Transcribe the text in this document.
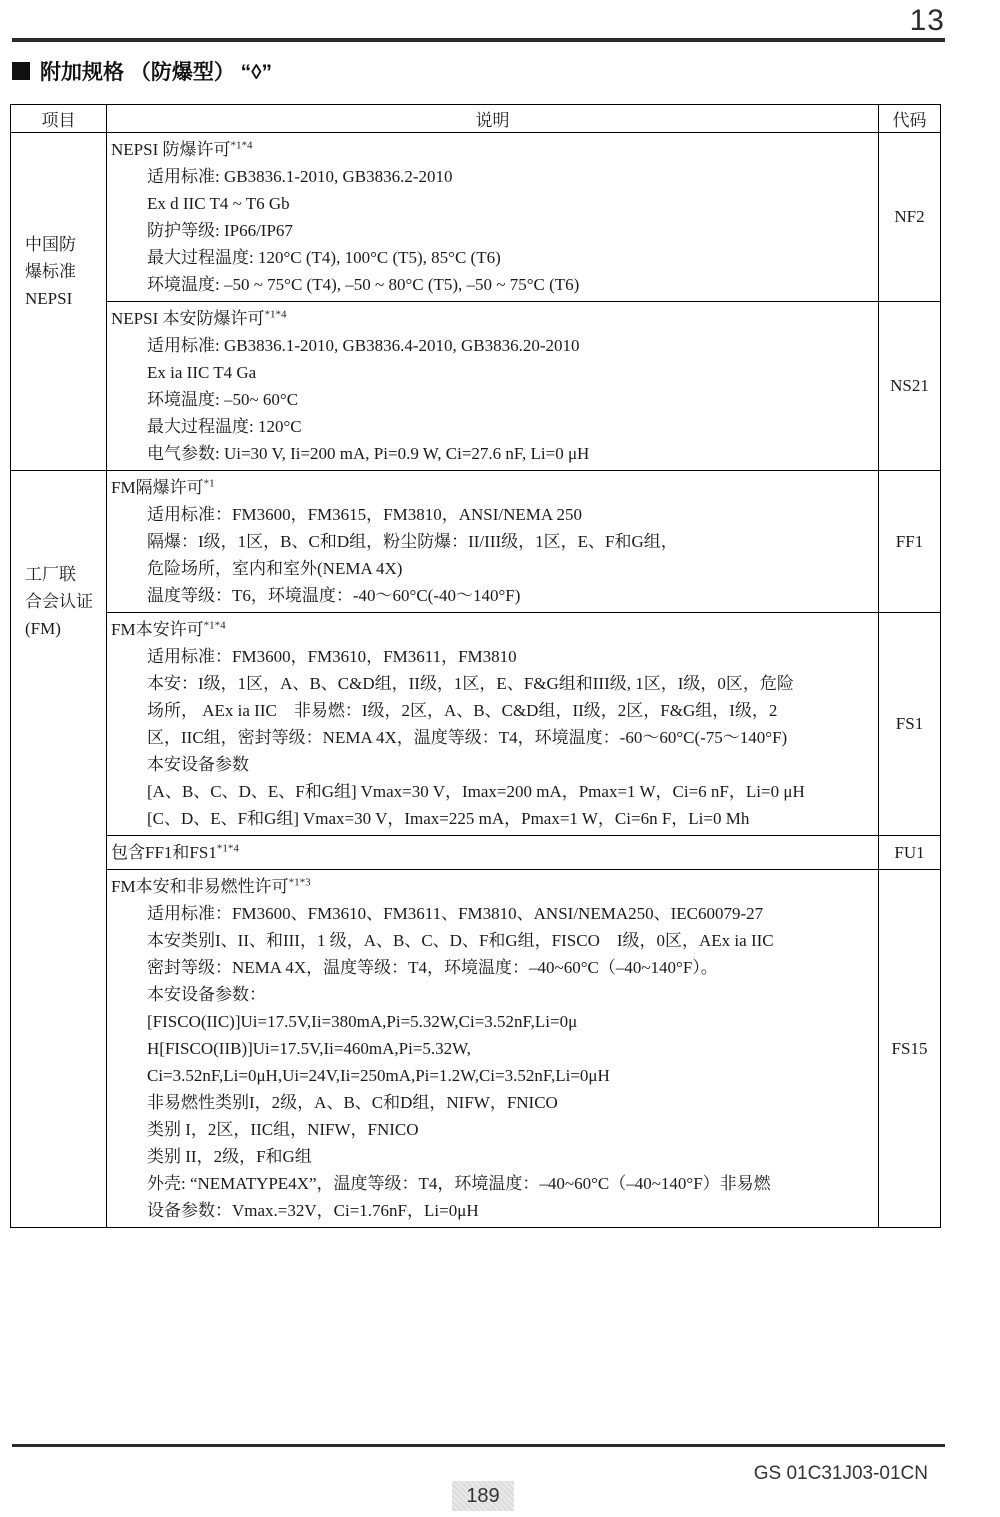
13
附加规格 （防爆型） “◊”
项目	说明	代码

中国防
爆标准
NEPSI

NEPSI 防爆许可$^{*1*4}$
适用标准: GB3836.1-2010, GB3836.2-2010
Ex d IIC T4 ~ T6 Gb
防护等级: IP66/IP67
最大过程温度: 120°C (T4), 100°C (T5), 85°C (T6)
环境温度: –50 ~ 75°C (T4), –50 ~ 80°C (T5), –50 ~ 75°C (T6)
	NF2

NEPSI 本安防爆许可$^{*1*4}$
适用标准: GB3836.1-2010, GB3836.4-2010, GB3836.20-2010
Ex ia IIC T4 Ga
环境温度: –50~ 60°C
最大过程温度: 120°C
电气参数: Ui=30 V, Ii=200 mA, Pi=0.9 W, Ci=27.6 nF, Li=0 μH
	NS21

工厂联
合会认证
(FM)

FM隔爆许可$^{*1}$
适用标准：FM3600，FM3615，FM3810，ANSI/NEMA 250
隔爆：I级，1区，B、C和D组，粉尘防爆：II/III级，1区，E、F和G组，
危险场所，室内和室外(NEMA 4X)
温度等级：T6，环境温度：-40～60°C(-40～140°F)
	FF1

FM本安许可$^{*1*4}$
适用标准：FM3600，FM3610，FM3611，FM3810
本安：I级，1区，A、B、C&D组，II级，1区，E、F&G组和III级, 1区，I级，0区，危险
场所， AEx ia IIC　非易燃：I级，2区，A、B、C&D组，II级，2区，F&G组，I级，2
区，IIC组，密封等级：NEMA 4X，温度等级：T4，环境温度：-60～60°C(-75～140°F)
本安设备参数
[A、B、C、D、E、F和G组] Vmax=30 V，Imax=200 mA，Pmax=1 W，Ci=6 nF，Li=0 μH
[C、D、E、F和G组] Vmax=30 V，Imax=225 mA，Pmax=1 W，Ci=6n F，Li=0 Mh
	FS1

	包含FF1和$FS1^{*1*4}$	FU1

FM本安和非易燃性许可$^{*1*3}$
适用标准：FM3600、FM3610、FM3611、FM3810、ANSI/NEMA250、IEC60079-27
本安类别I、II、和III，1 级，A、B、C、D、F和G组，FISCO　I级，0区，AEx ia IIC
密封等级：NEMA 4X，温度等级：T4，环境温度：–40~60°C（–40~140°F）。
本安设备参数：
[FISCO(IIC)]Ui=17.5V,Ii=380mA,Pi=5.32W,Ci=3.52nF,Li=0μ
H[FISCO(IIB)]Ui=17.5V,Ii=460mA,Pi=5.32W,
Ci=3.52nF,Li=0μH,Ui=24V,Ii=250mA,Pi=1.2W,Ci=3.52nF,Li=0μH
非易燃性类别I，2级，A、B、C和D组，NIFW，FNICO
类别 I，2区，IIC组，NIFW，FNICO
类别 II，2级，F和G组
外壳: “NEMATYPE4X”，温度等级：T4，环境温度：–40~60°C（–40~140°F）非易燃
设备参数：Vmax.=32V，Ci=1.76nF，Li=0μH
	FS15
GS 01C31J03-01CN
189
